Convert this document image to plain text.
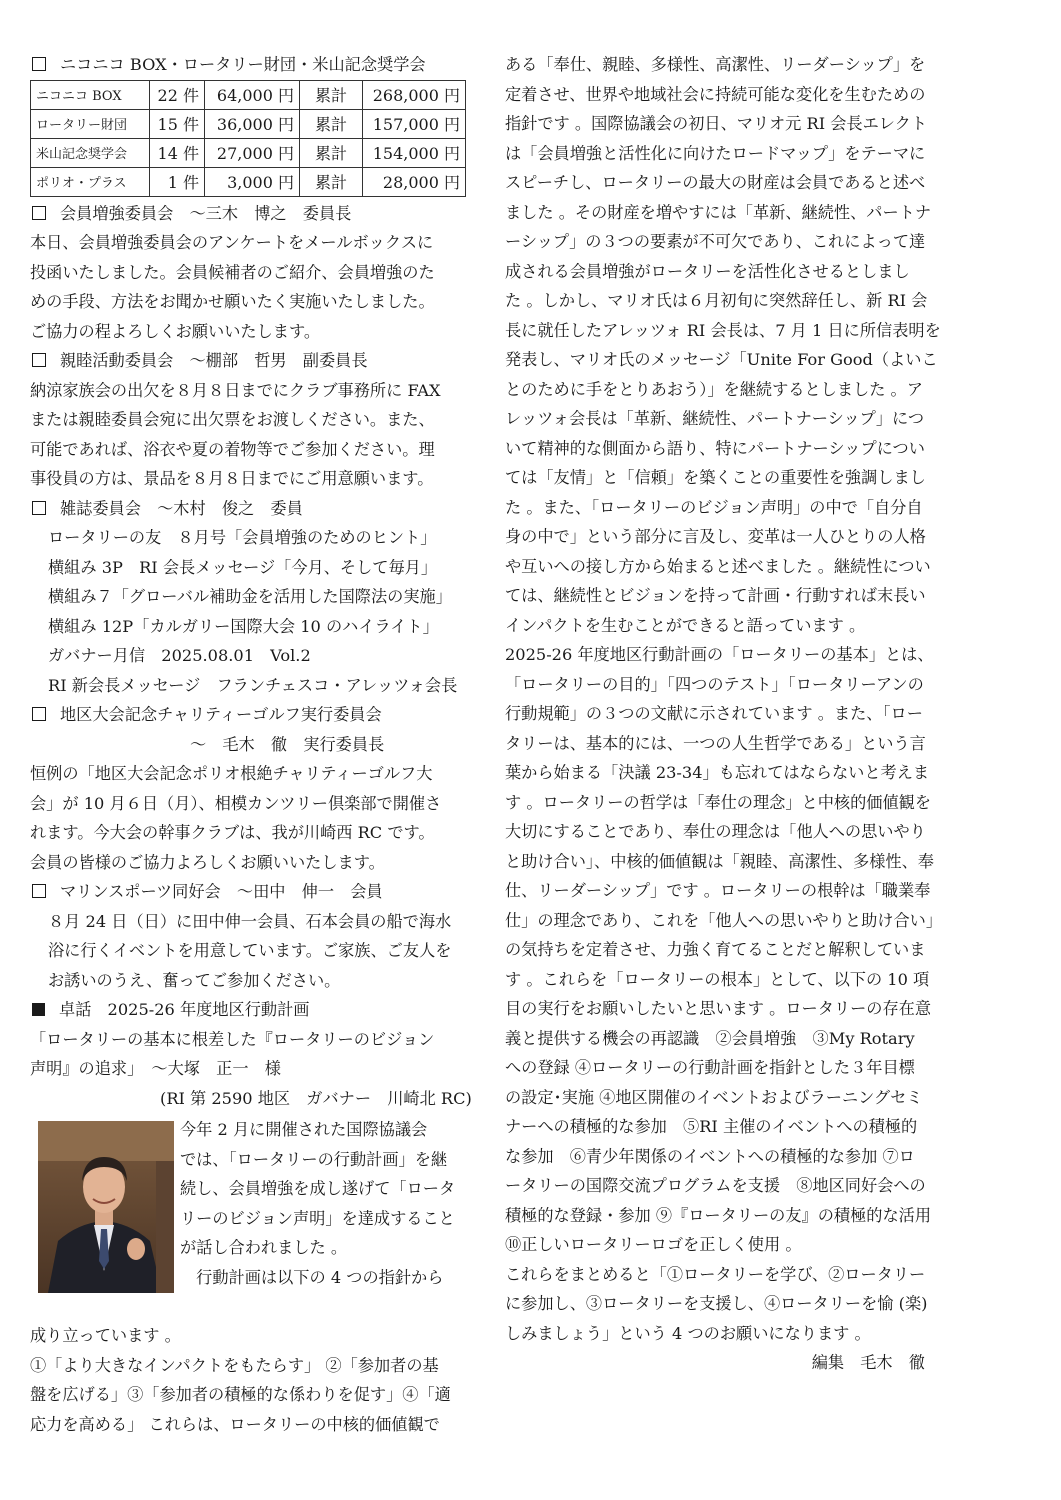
ニコニコ BOX・ロータリー財団・米山記念奨学会
ニコニコ BOX	22 件	64,000 円	累計	268,000 円
ロータリー財団	15 件	36,000 円	累計	157,000 円
米山記念奨学会	14 件	27,000 円	累計	154,000 円
ポリオ・プラス	1 件	3,000 円	累計	28,000 円
会員増強委員会　～三木　博之　委員長
本日、会員増強委員会のアンケートをメールボックスに
投函いたしました。会員候補者のご紹介、会員増強のた
めの手段、方法をお聞かせ願いたく実施いたしました。
ご協力の程よろしくお願いいたします。
親睦活動委員会　～棚部　哲男　副委員長
納涼家族会の出欠を８月８日までにクラブ事務所に FAX
または親睦委員会宛に出欠票をお渡しください。また、
可能であれば、浴衣や夏の着物等でご参加ください。理
事役員の方は、景品を８月８日までにご用意願います。
雑誌委員会　～木村　俊之　委員
ロータリーの友　８月号「会員増強のためのヒント」
横組み 3P　RI 会長メッセージ「今月、そして毎月」
横組み７「グローバル補助金を活用した国際法の実施」
横組み 12P「カルガリー国際大会 10 のハイライト」
ガバナー月信　2025.08.01　Vol.2
RI 新会長メッセージ　フランチェスコ・アレッツォ会長
地区大会記念チャリティーゴルフ実行委員会
～　毛木　徹　実行委員長
恒例の「地区大会記念ポリオ根絶チャリティーゴルフ大
会」が 10 月６日（月）、相模カンツリー倶楽部で開催さ
れます。今大会の幹事クラブは、我が川崎西 RC です。
会員の皆様のご協力よろしくお願いいたします。
マリンスポーツ同好会　～田中　伸一　会員
８月 24 日（日）に田中伸一会員、石本会員の船で海水
浴に行くイベントを用意しています。ご家族、ご友人を
お誘いのうえ、奮ってご参加ください。
卓話　2025-26 年度地区行動計画
「ロータリーの基本に根差した『ロータリーのビジョン
声明』の追求」　～大塚　正一　様
(RI 第 2590 地区　ガバナー　川崎北 RC)
今年 2 月に開催された国際協議会
では、「ロータリーの行動計画」を継
続し、会員増強を成し遂げて「ロータ
リーのビジョン声明」を達成すること
が話し合われました 。
　行動計画は以下の 4 つの指針から
成り立っています 。
①「より大きなインパクトをもたらす」 ②「参加者の基
盤を広げる」③「参加者の積極的な係わりを促す」④「適
応力を高める」 これらは、ロータリーの中核的価値観で
ある「奉仕、親睦、多様性、高潔性、リーダーシップ」を
定着させ、世界や地域社会に持続可能な変化を生むための
指針です 。国際協議会の初日、マリオ元 RI 会長エレクト
は「会員増強と活性化に向けたロードマップ」をテーマに
スピーチし、ロータリーの最大の財産は会員であると述べ
ました 。その財産を増やすには「革新、継続性、パートナ
ーシップ」の３つの要素が不可欠であり、これによって達
成される会員増強がロータリーを活性化させるとしまし
た 。しかし、マリオ氏は６月初旬に突然辞任し、新 RI 会
長に就任したアレッツォ RI 会長は、7 月 1 日に所信表明を
発表し、マリオ氏のメッセージ「Unite For Good（よいこ
とのために手をとりあおう）」を継続するとしました 。ア
レッツォ会長は「革新、継続性、パートナーシップ」につ
いて精神的な側面から語り、特にパートナーシップについ
ては「友情」と「信頼」を築くことの重要性を強調しまし
た 。また、「ロータリーのビジョン声明」の中で「自分自
身の中で」という部分に言及し、変革は一人ひとりの人格
や互いへの接し方から始まると述べました 。継続性につい
ては、継続性とビジョンを持って計画・行動すれば末長い
インパクトを生むことができると語っています 。
2025-26 年度地区行動計画の「ロータリーの基本」とは、
「ロータリーの目的」「四つのテスト」「ロータリーアンの
行動規範」の３つの文献に示されています 。また、「ロー
タリーは、基本的には、一つの人生哲学である」という言
葉から始まる「決議 23-34」も忘れてはならないと考えま
す 。ロータリーの哲学は「奉仕の理念」と中核的価値観を
大切にすることであり、奉仕の理念は「他人への思いやり
と助け合い」、中核的価値観は「親睦、高潔性、多様性、奉
仕、リーダーシップ」です 。ロータリーの根幹は「職業奉
仕」の理念であり、これを「他人への思いやりと助け合い」
の気持ちを定着させ、力強く育てることだと解釈していま
す 。これらを「ロータリーの根本」として、以下の 10 項
目の実行をお願いしたいと思います 。ロータリーの存在意
義と提供する機会の再認識　②会員増強　③My Rotary
への登録 ④ロータリーの行動計画を指針とした３年目標
の設定･実施 ④地区開催のイベントおよびラーニングセミ
ナーへの積極的な参加　⑤RI 主催のイベントへの積極的
な参加　⑥青少年関係のイベントへの積極的な参加 ⑦ロ
ータリーの国際交流プログラムを支援　⑧地区同好会への
積極的な登録・参加 ⑨『ロータリーの友』の積極的な活用
⑩正しいロータリーロゴを正しく使用 。
これらをまとめると「①ロータリーを学び、②ロータリー
に参加し、③ロータリーを支援し、④ロータリーを愉 (楽)
しみましょう」という 4 つのお願いになります 。
編集　毛木　徹
